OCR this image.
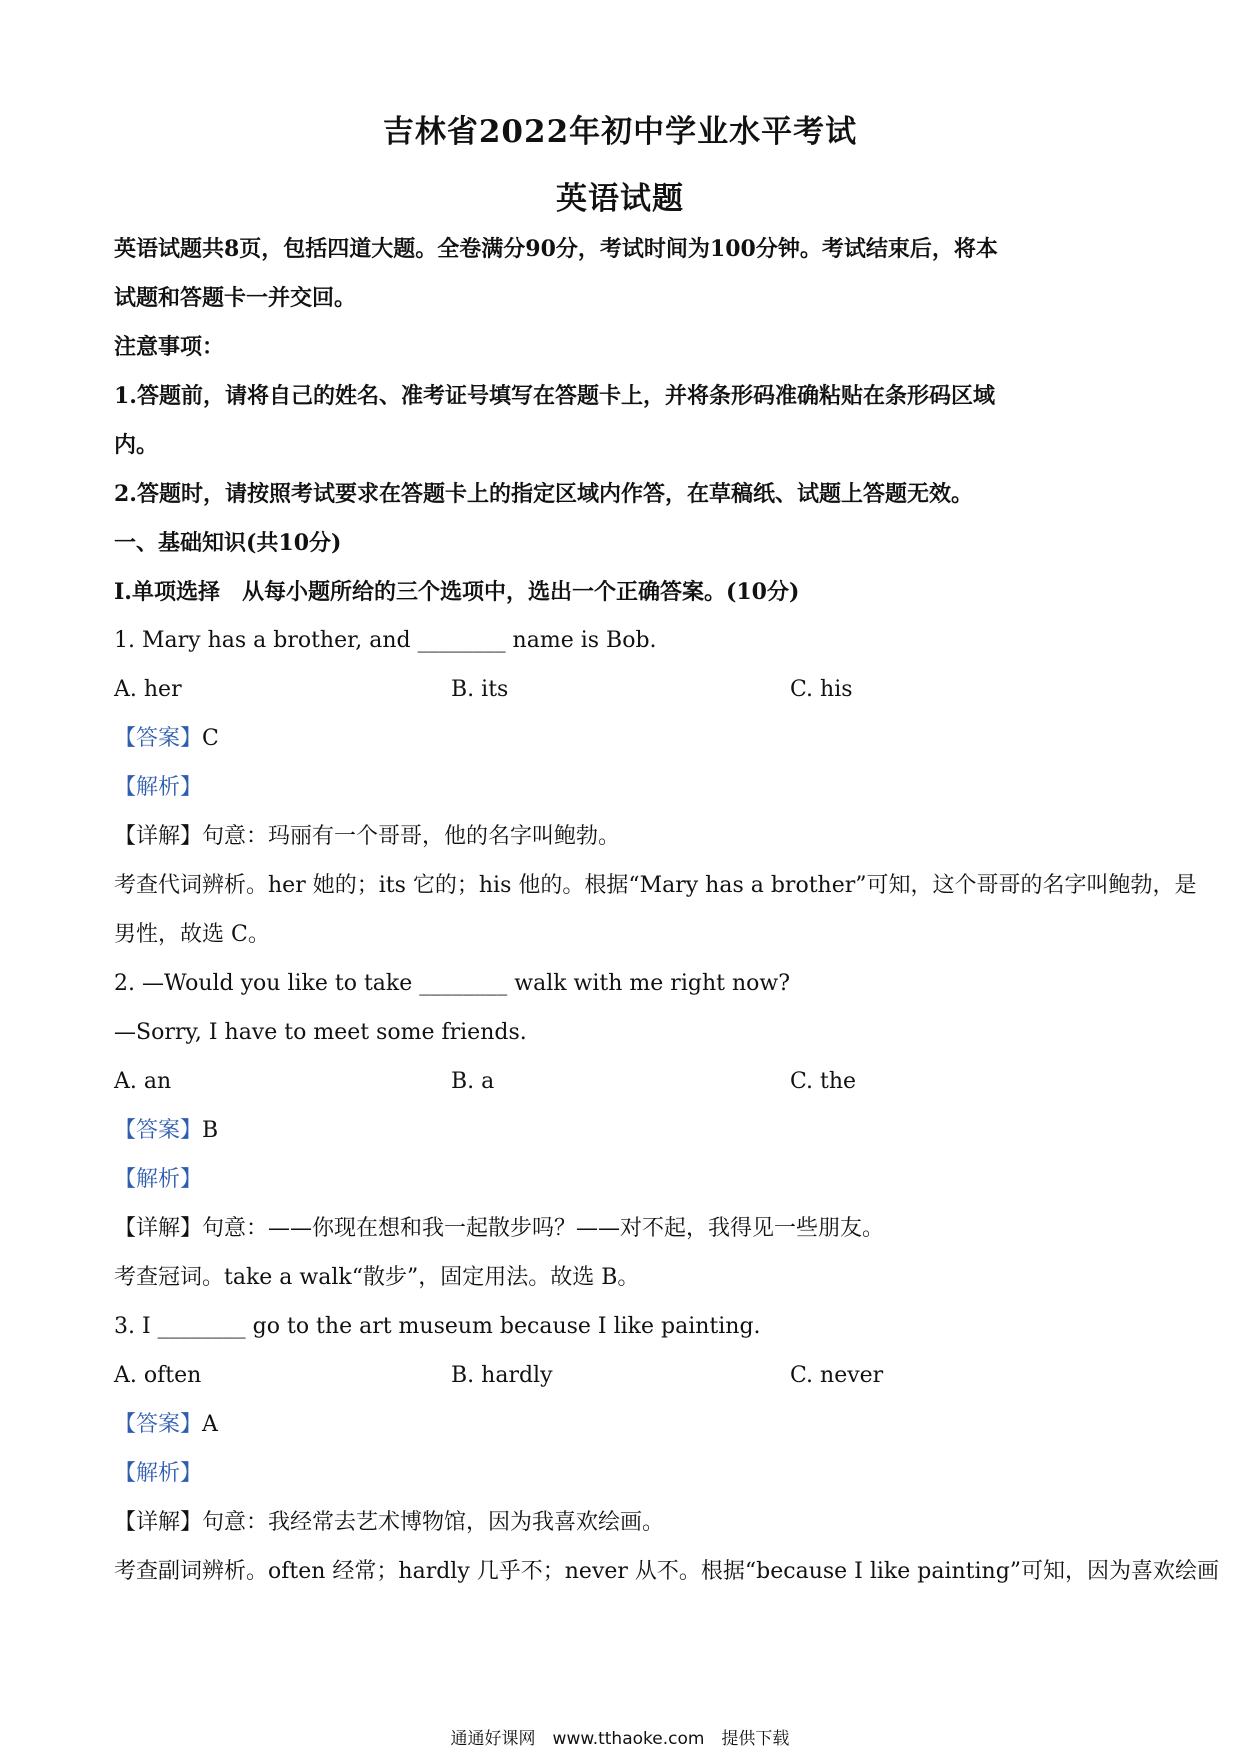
吉林省2022年初中学业水平考试
英语试题

英语试题共8页，包括四道大题。全卷满分90分，考试时间为100分钟。考试结束后，将本

试题和答题卡一并交回。

注意事项：

1.答题前，请将自己的姓名、准考证号填写在答题卡上，并将条形码准确粘贴在条形码区域

内。

2.答题时，请按照考试要求在答题卡上的指定区域内作答，在草稿纸、试题上答题无效。

一、基础知识(共10分)

I.单项选择　从每小题所给的三个选项中，选出一个正确答案。(10分)

1. Mary has a brother, and ________ name is Bob.

A. her	B. its	C. his

【答案】C

【解析】

【详解】句意：玛丽有一个哥哥，他的名字叫鲍勃。

考查代词辨析。her 她的；its 它的；his 他的。根据“Mary has a brother”可知，这个哥哥的名字叫鲍勃，是

男性，故选 C。

2. —Would you like to take ________ walk with me right now?

—Sorry, I have to meet some friends.

A. an	B. a	C. the

【答案】B

【解析】

【详解】句意：——你现在想和我一起散步吗？——对不起，我得见一些朋友。

考查冠词。take a walk“散步”，固定用法。故选 B。

3. I ________ go to the art museum because I like painting.

A. often	B. hardly	C. never

【答案】A

【解析】

【详解】句意：我经常去艺术博物馆，因为我喜欢绘画。

考查副词辨析。often 经常；hardly 几乎不；never 从不。根据“because I like painting”可知，因为喜欢绘画

通通好课网　www.tthaoke.com　提供下载
